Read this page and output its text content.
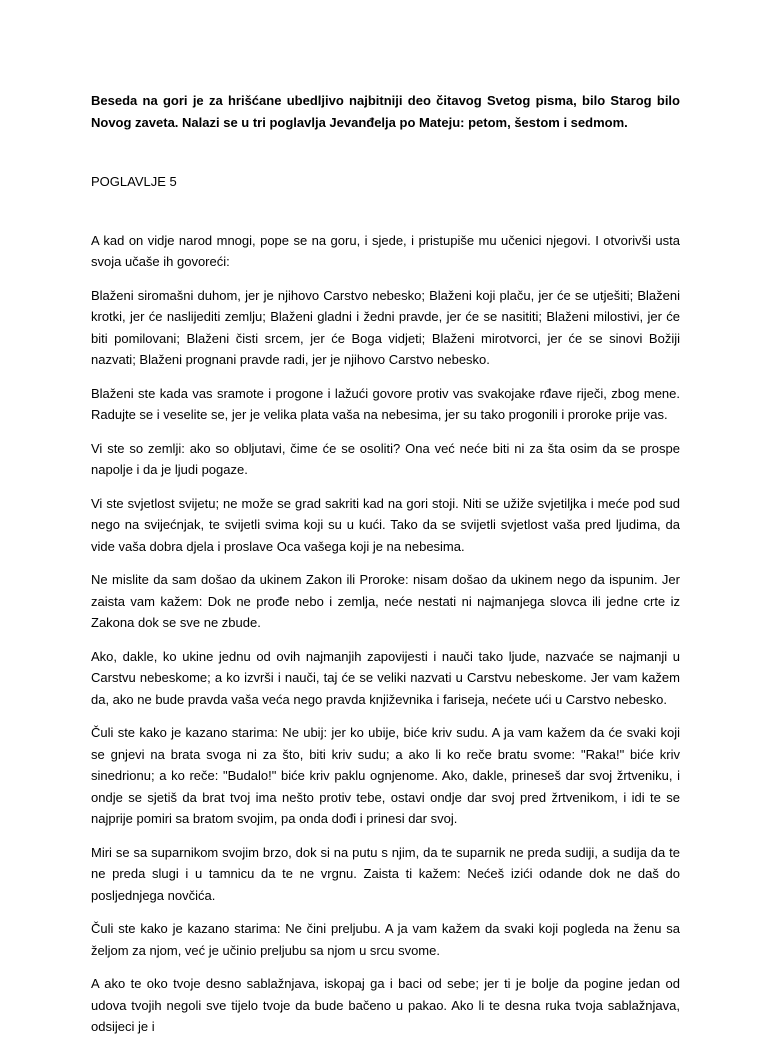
Beseda na gori je za hrišćane ubedljivo najbitniji deo čitavog Svetog pisma, bilo Starog bilo Novog zaveta. Nalazi se u tri poglavlja Jevanđelja po Mateju: petom, šestom i sedmom.

POGLAVLJE 5

A kad on vidje narod mnogi, pope se na goru, i sjede, i pristupiše mu učenici njegovi. I otvorivši usta svoja učaše ih govoreći:

Blaženi siromašni duhom, jer je njihovo Carstvo nebesko; Blaženi koji plaču, jer će se utješiti; Blaženi krotki, jer će naslijediti zemlju; Blaženi gladni i žedni pravde, jer će se nasititi; Blaženi milostivi, jer će biti pomilovani; Blaženi čisti srcem, jer će Boga vidjeti; Blaženi mirotvorci, jer će se sinovi Božiji nazvati; Blaženi prognani pravde radi, jer je njihovo Carstvo nebesko.

Blaženi ste kada vas sramote i progone i lažući govore protiv vas svakojake rđave riječi, zbog mene. Radujte se i veselite se, jer je velika plata vaša na nebesima, jer su tako progonili i proroke prije vas.

Vi ste so zemlji: ako so obljutavi, čime će se osoliti? Ona već neće biti ni za šta osim da se prospe napolje i da je ljudi pogaze.

Vi ste svjetlost svijetu; ne može se grad sakriti kad na gori stoji. Niti se užiže svjetiljka i meće pod sud nego na svijećnjak, te svijetli svima koji su u kući. Tako da se svijetli svjetlost vaša pred ljudima, da vide vaša dobra djela i proslave Oca vašega koji je na nebesima.

Ne mislite da sam došao da ukinem Zakon ili Proroke: nisam došao da ukinem nego da ispunim. Jer zaista vam kažem: Dok ne prođe nebo i zemlja, neće nestati ni najmanjega slovca ili jedne crte iz Zakona dok se sve ne zbude.

Ako, dakle, ko ukine jednu od ovih najmanjih zapovijesti i nauči tako ljude, nazvaće se najmanji u Carstvu nebeskome; a ko izvrši i nauči, taj će se veliki nazvati u Carstvu nebeskome. Jer vam kažem da, ako ne bude pravda vaša veća nego pravda književnika i fariseja, nećete ući u Carstvo nebesko.

Čuli ste kako je kazano starima: Ne ubij: jer ko ubije, biće kriv sudu. A ja vam kažem da će svaki koji se gnjevi na brata svoga ni za što, biti kriv sudu; a ako li ko reče bratu svome: "Raka!" biće kriv sinedrionu; a ko reče: "Budalo!" biće kriv paklu ognjenome. Ako, dakle, prineseš dar svoj žrtveniku, i ondje se sjetiš da brat tvoj ima nešto protiv tebe, ostavi ondje dar svoj pred žrtvenikom, i idi te se najprije pomiri sa bratom svojim, pa onda dođi i prinesi dar svoj.

Miri se sa suparnikom svojim brzo, dok si na putu s njim, da te suparnik ne preda sudiji, a sudija da te ne preda slugi i u tamnicu da te ne vrgnu. Zaista ti kažem: Nećeš izići odande dok ne daš do posljednjega novčića.

Čuli ste kako je kazano starima: Ne čini preljubu. A ja vam kažem da svaki koji pogleda na ženu sa željom za njom, već je učinio preljubu sa njom u srcu svome.

A ako te oko tvoje desno sablažnjava, iskopaj ga i baci od sebe; jer ti je bolje da pogine jedan od udova tvojih negoli sve tijelo tvoje da bude bačeno u pakao. Ako li te desna ruka tvoja sablažnjava, odsijeci je i
